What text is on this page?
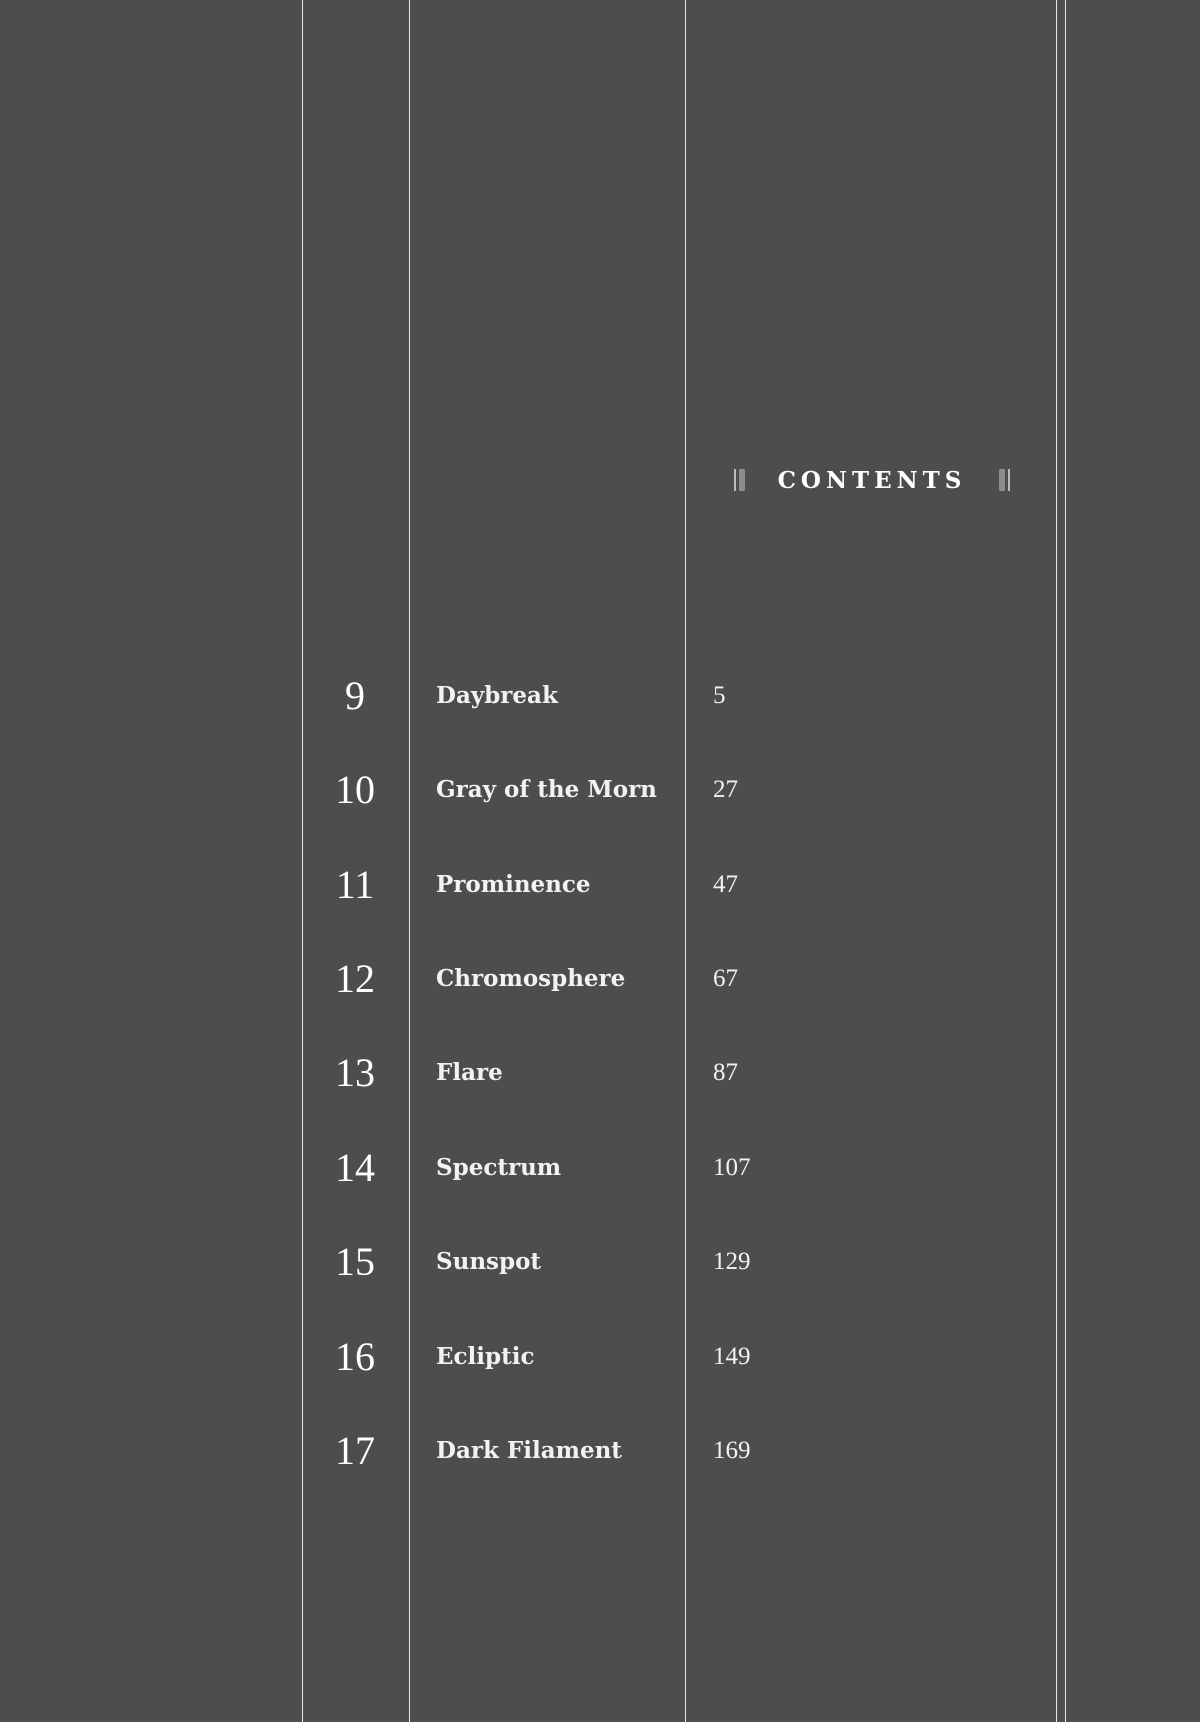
CONTENTS
9	Daybreak	5
10	Gray of the Morn 27
11	Prominence	47
12	Chromosphere	67
13	Flare	87
14	Spectrum	107
15	Sunspot	129
16	Ecliptic	149
17	Dark Filament	169
